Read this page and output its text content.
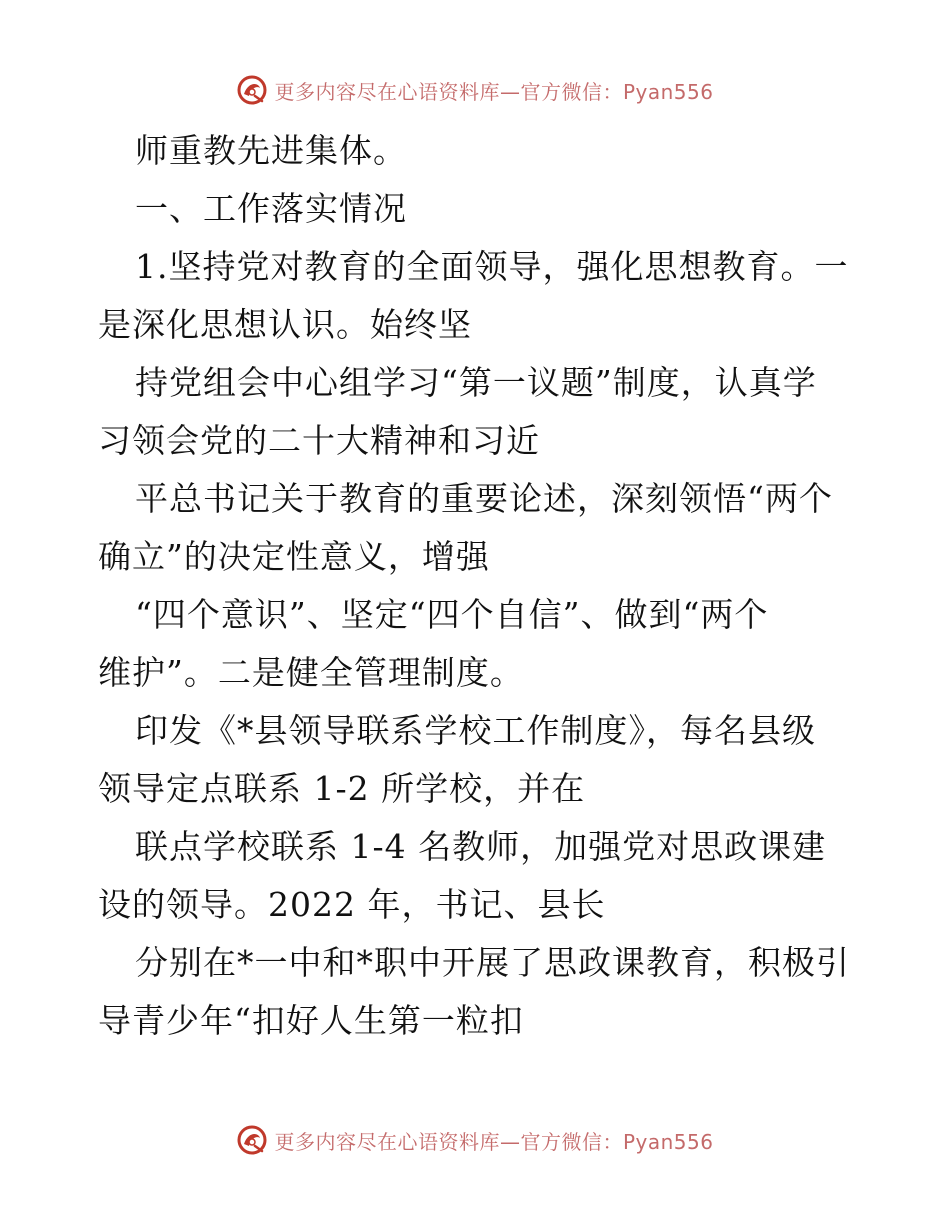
更多内容尽在心语资料库—官方微信：Pyan556
师重教先进集体。
一、工作落实情况
1.坚持党对教育的全面领导，强化思想教育。一
是深化思想认识。始终坚
持党组会中心组学习“第一议题”制度，认真学
习领会党的二十大精神和习近
平总书记关于教育的重要论述，深刻领悟“两个
确立”的决定性意义，增强
“四个意识”、坚定“四个自信”、做到“两个
维护”。二是健全管理制度。
印发《*县领导联系学校工作制度》，每名县级
领导定点联系 1-2 所学校，并在
联点学校联系 1-4 名教师，加强党对思政课建
设的领导。2022 年，书记、县长
分别在*一中和*职中开展了思政课教育，积极引
导青少年“扣好人生第一粒扣
更多内容尽在心语资料库—官方微信：Pyan556
